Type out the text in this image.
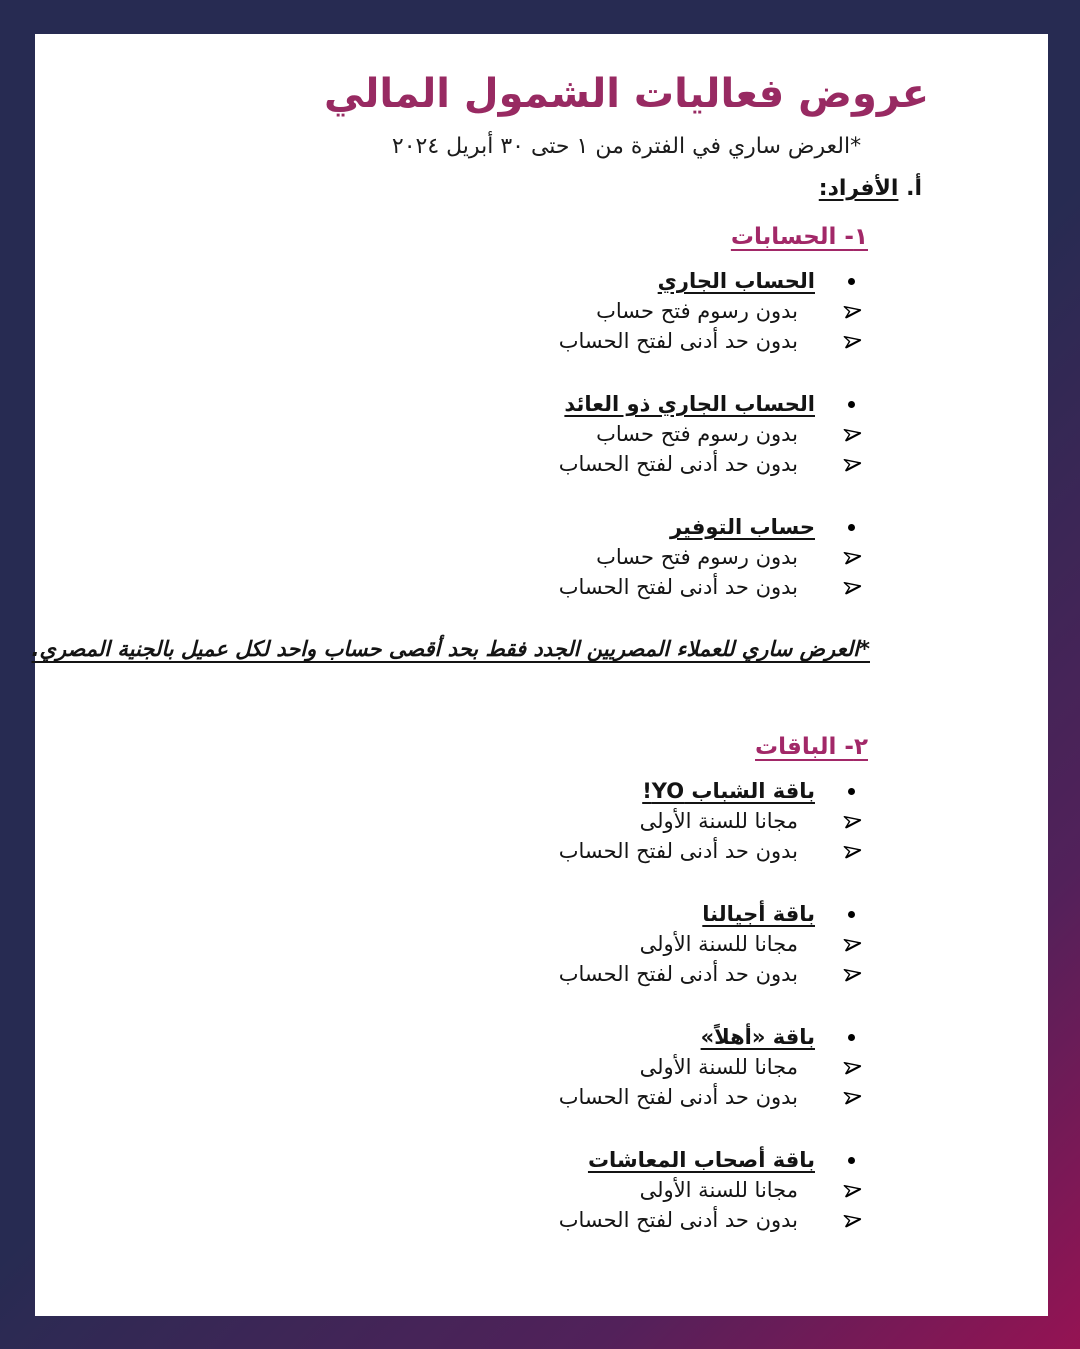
عروض فعاليات الشمول المالي
*العرض ساري في الفترة من ١ حتى ٣٠ أبريل ٢٠٢٤
أ. الأفراد:
١- الحسابات
الحساب الجاري
بدون رسوم فتح حساب
بدون حد أدنى لفتح الحساب
الحساب الجاري ذو العائد
بدون رسوم فتح حساب
بدون حد أدنى لفتح الحساب
حساب التوفير
بدون رسوم فتح حساب
بدون حد أدنى لفتح الحساب
*العرض ساري للعملاء المصريين الجدد فقط بحد أقصى حساب واحد لكل عميل بالجنية المصري.
٢- الباقات
باقة الشباب YO!
مجانا للسنة الأولى
بدون حد أدنى لفتح الحساب
باقة أجيالنا
مجانا للسنة الأولى
بدون حد أدنى لفتح الحساب
باقة «أهلاً»
مجانا للسنة الأولى
بدون حد أدنى لفتح الحساب
باقة أصحاب المعاشات
مجانا للسنة الأولى
بدون حد أدنى لفتح الحساب
